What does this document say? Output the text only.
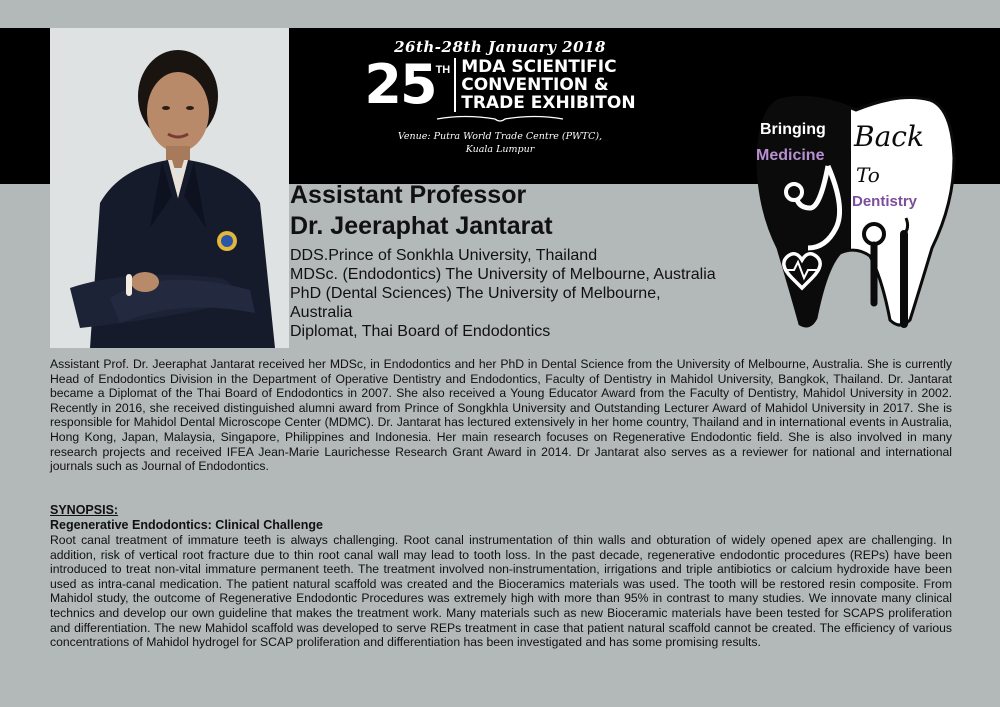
26th-28th January 2018
25 TH MDA SCIENTIFIC
CONVENTION &
TRADE EXHIBITON
Venue: Putra World Trade Centre (PWTC),
Kuala Lumpur
Bringing
Medicine
Back
To
Dentistry
Assistant Professor
Dr. Jeeraphat Jantarat
DDS.Prince of Sonkhla University, Thailand
MDSc. (Endodontics) The University of Melbourne, Australia
PhD (Dental Sciences) The University of Melbourne,
Australia
Diplomat, Thai Board of Endodontics
Assistant Prof. Dr. Jeeraphat Jantarat received her MDSc, in Endodontics and her PhD in Dental Science from the University of Melbourne, Australia. She is currently Head of Endodontics Division in the Department of Operative Dentistry and Endodontics, Faculty of Dentistry in Mahidol University, Bangkok, Thailand. Dr. Jantarat became a Diplomat of the Thai Board of Endodontics in 2007. She also received a Young Educator Award from the Faculty of Dentistry, Mahidol University in 2002. Recently in 2016, she received distinguished alumni award from Prince of Songkhla University and Outstanding Lecturer Award of Mahidol University in 2017. She is responsible for Mahidol Dental Microscope Center (MDMC). Dr. Jantarat has lectured extensively in her home country, Thailand and in international events in Australia, Hong Kong, Japan, Malaysia, Singapore, Philippines and Indonesia. Her main research focuses on Regenerative Endodontic field. She is also involved in many research projects and received IFEA Jean-Marie Laurichesse Research Grant Award in 2014. Dr Jantarat also serves as a reviewer for national and international journals such as Journal of Endodontics.
SYNOPSIS:
Regenerative Endodontics: Clinical Challenge
Root canal treatment of immature teeth is always challenging. Root canal instrumentation of thin walls and obturation of widely opened apex are challenging. In addition, risk of vertical root fracture due to thin root canal wall may lead to tooth loss. In the past decade, regenerative endodontic procedures (REPs) have been introduced to treat non-vital immature permanent teeth. The treatment involved non-instrumentation, irrigations and triple antibiotics or calcium hydroxide have been used as intra-canal medication. The patient natural scaffold was created and the Bioceramics materials was used. The tooth will be restored resin composite. From Mahidol study, the outcome of Regenerative Endodontic Procedures was extremely high with more than 95% in contrast to many studies. We innovate many clinical technics and develop our own guideline that makes the treatment work. Many materials such as new Bioceramic materials have been tested for SCAPS proliferation and differentiation. The new Mahidol scaffold was developed to serve REPs treatment in case that patient natural scaffold cannot be created. The efficiency of various concentrations of Mahidol hydrogel for SCAP proliferation and differentiation has been investigated and has some promising results.
